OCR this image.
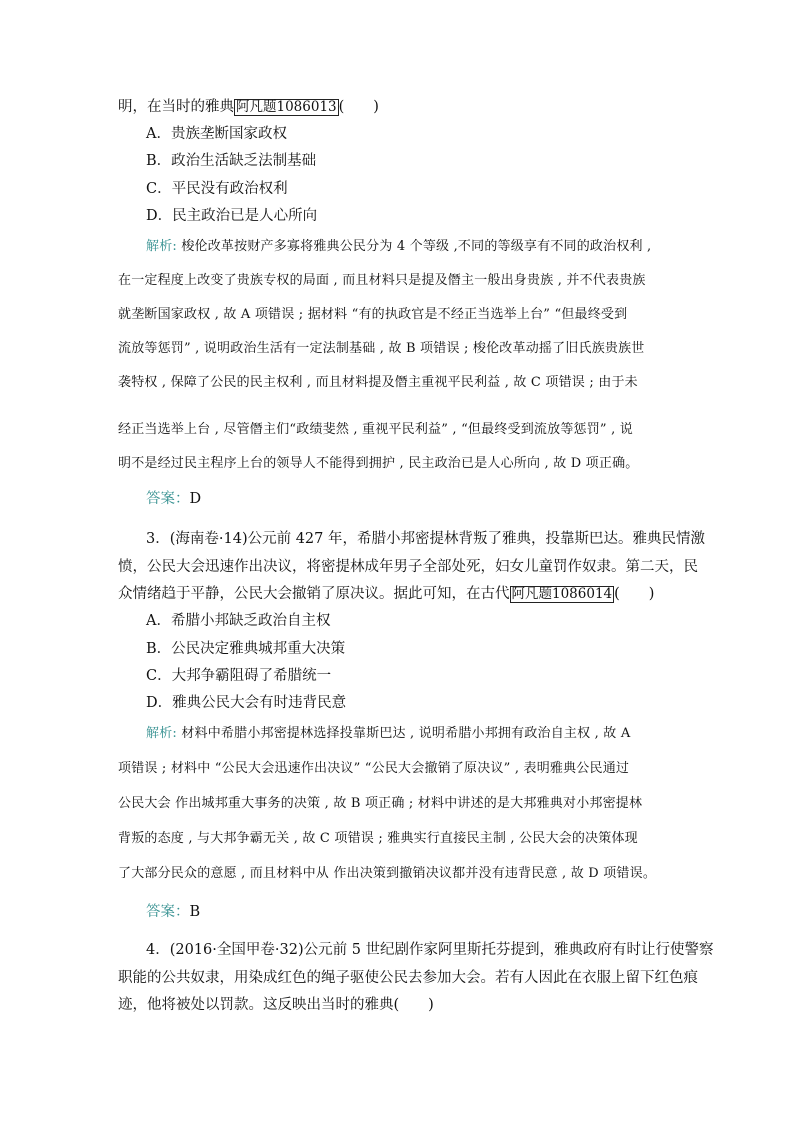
明，在当时的雅典 阿凡题1086013 (　　)
A．贵族垄断国家政权
B．政治生活缺乏法制基础
C．平民没有政治权利
D．民主政治已是人心所向
解析: 梭伦改革按财产多寡将雅典公民分为 4 个等级 ,不同的等级享有不同的政治权利 ,
在一定程度上改变了贵族专权的局面 , 而且材料只是提及僭主一般出身贵族 , 并不代表贵族
就垄断国家政权 , 故 A 项错误 ; 据材料 “有的执政官是不经正当选举上台” “但最终受到
流放等惩罚” , 说明政治生活有一定法制基础 , 故 B 项错误 ; 梭伦改革动摇了旧氏族贵族世
袭特权 , 保障了公民的民主权利 , 而且材料提及僭主重视平民利益 , 故 C 项错误 ; 由于未
经正当选举上台 , 尽管僭主们“政绩斐然 , 重视平民利益” , “但最终受到流放等惩罚” , 说
明不是经过民主程序上台的领导人不能得到拥护 , 民主政治已是人心所向 , 故 D 项正确。
答案：D
3．(海南卷·14)公元前 427 年，希腊小邦密提林背叛了雅典，投靠斯巴达。雅典民情激
愤，公民大会迅速作出决议，将密提林成年男子全部处死，妇女儿童罚作奴隶。第二天，民
众情绪趋于平静，公民大会撤销了原决议。据此可知，在古代 阿凡题1086014 (　　)
A．希腊小邦缺乏政治自主权
B．公民决定雅典城邦重大决策
C．大邦争霸阻碍了希腊统一
D．雅典公民大会有时违背民意
解析: 材料中希腊小邦密提林选择投靠斯巴达 , 说明希腊小邦拥有政治自主权 , 故 A
项错误 ; 材料中 “公民大会迅速作出决议” “公民大会撤销了原决议” , 表明雅典公民通过
公民大会 作出城邦重大事务的决策 , 故 B 项正确 ; 材料中讲述的是大邦雅典对小邦密提林
背叛的态度 , 与大邦争霸无关 , 故 C 项错误 ; 雅典实行直接民主制 , 公民大会的决策体现
了大部分民众的意愿 , 而且材料中从 作出决策到撤销决议都并没有违背民意 , 故 D 项错误。
答案：B
4．(2016·全国甲卷·32)公元前 5 世纪剧作家阿里斯托芬提到，雅典政府有时让行使警察
职能的公共奴隶，用染成红色的绳子驱使公民去参加大会。若有人因此在衣服上留下红色痕
迹，他将被处以罚款。这反映出当时的雅典(　　)
